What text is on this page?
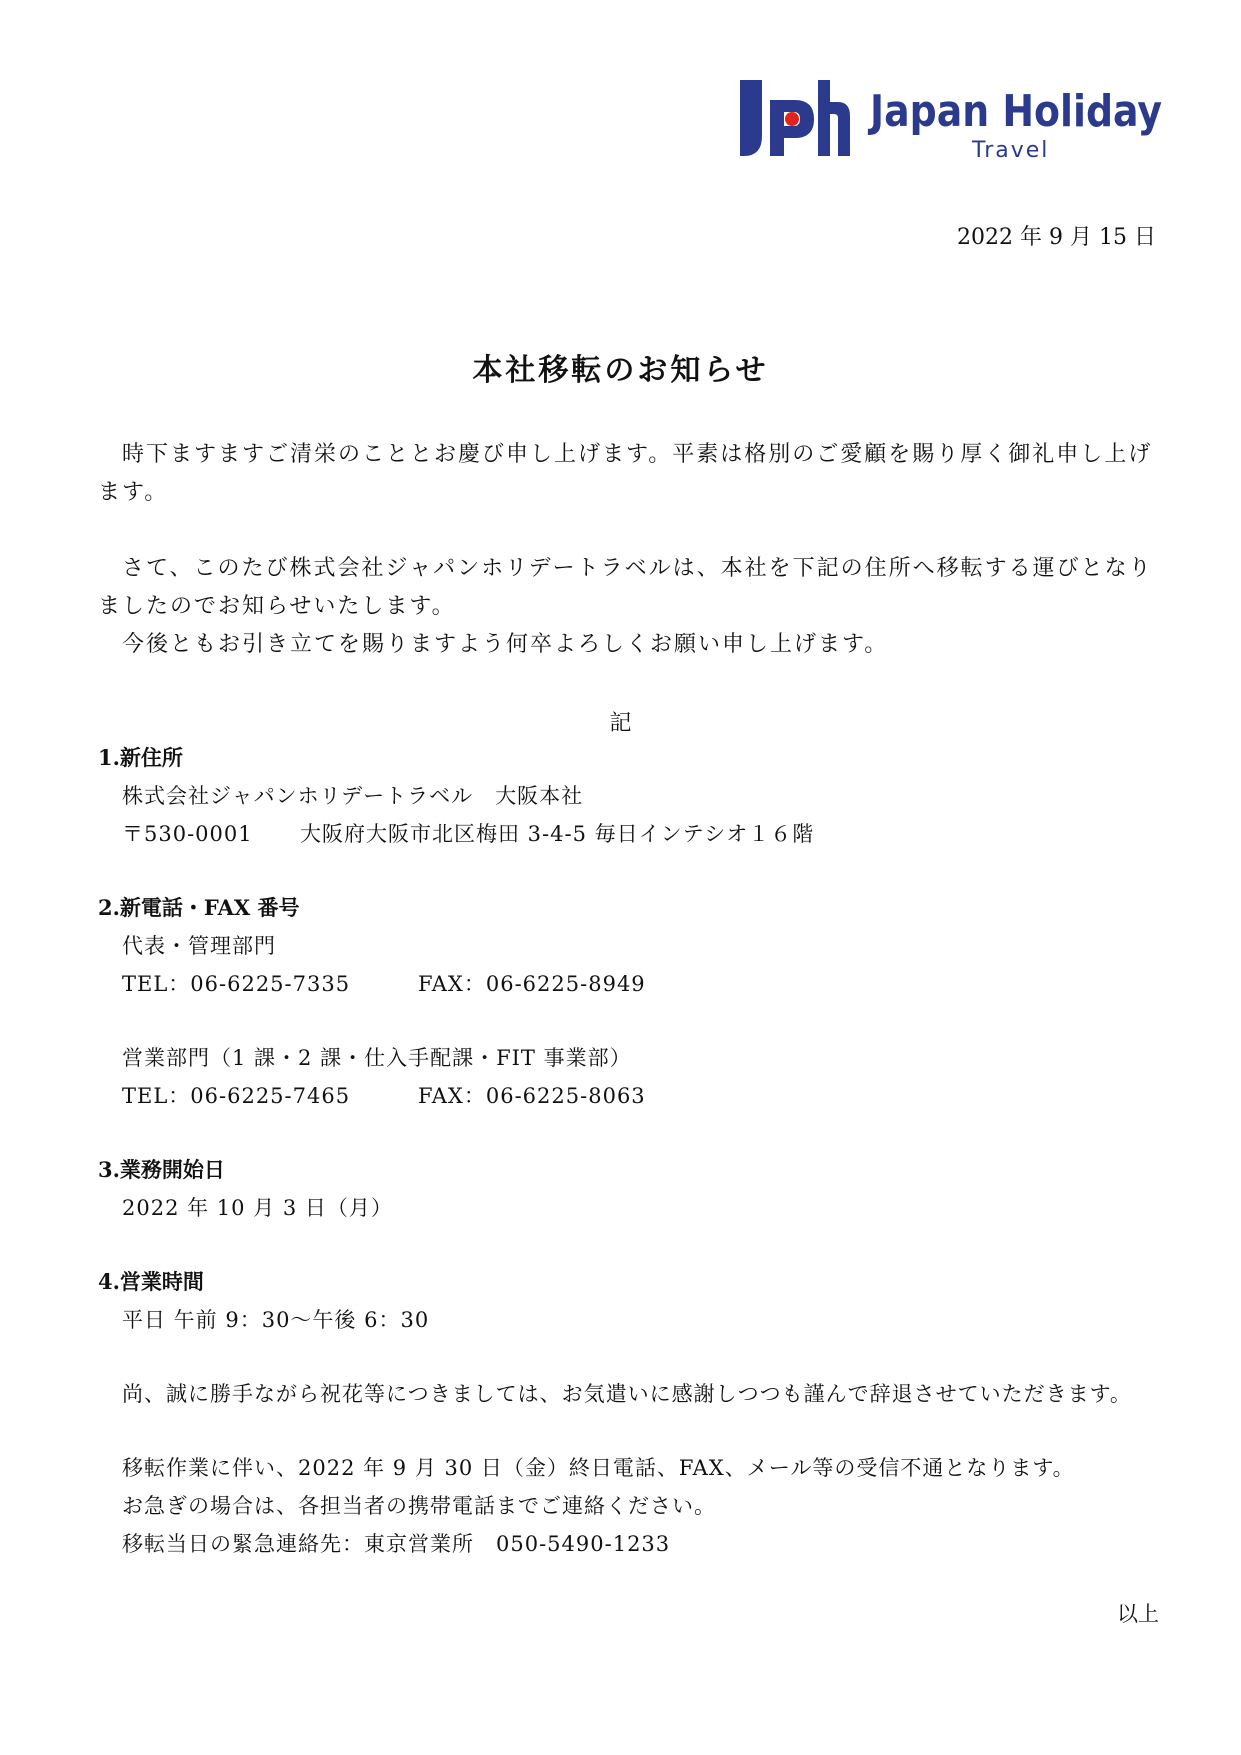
Japan Holiday
Travel
2022 年 9 月 15 日
本社移転のお知らせ
時下ますますご清栄のこととお慶び申し上げます。平素は格別のご愛顧を賜り厚く御礼申し上げます。
さて、このたび株式会社ジャパンホリデートラベルは、本社を下記の住所へ移転する運びとなりましたのでお知らせいたします。
今後ともお引き立てを賜りますよう何卒よろしくお願い申し上げます。
記
1.新住所
株式会社ジャパンホリデートラベル　大阪本社
〒530-0001 大阪府大阪市北区梅田 3-4-5 毎日インテシオ１６階
2.新電話・FAX 番号
代表・管理部門
TEL：06-6225-7335	FAX：06-6225-8949
営業部門（1 課・2 課・仕入手配課・FIT 事業部）
TEL：06-6225-7465	FAX：06-6225-8063
3.業務開始日
2022 年 10 月 3 日（月）
4.営業時間
平日 午前 9：30～午後 6：30
尚、誠に勝手ながら祝花等につきましては、お気遣いに感謝しつつも謹んで辞退させていただきます。
移転作業に伴い、2022 年 9 月 30 日（金）終日電話、FAX、メール等の受信不通となります。
お急ぎの場合は、各担当者の携帯電話までご連絡ください。
移転当日の緊急連絡先：東京営業所　050-5490-1233
以上
